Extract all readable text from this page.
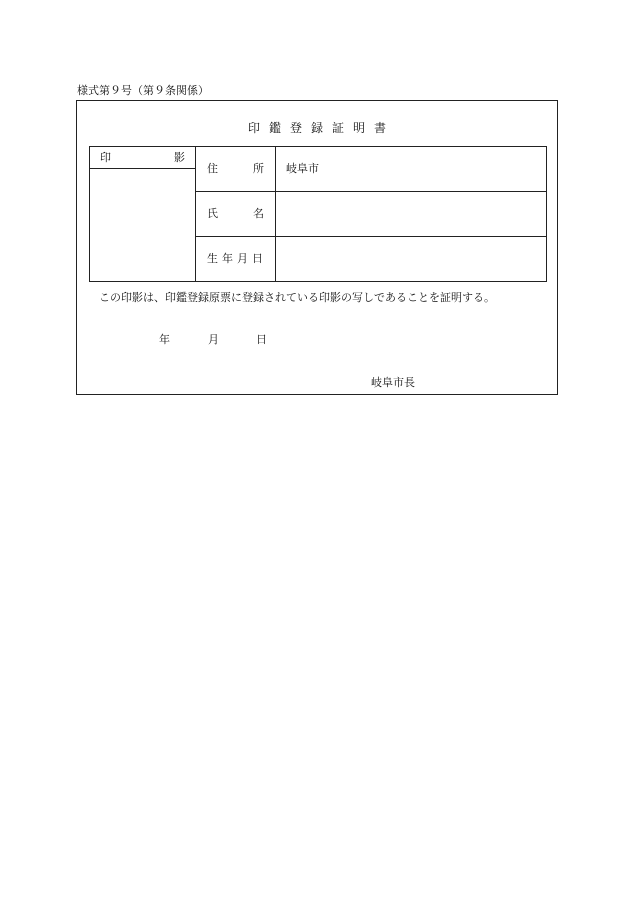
様式第９号（第９条関係）
印鑑登録証明書
印	影
住	所 岐阜市
氏	名
生年月日
この印影は、印鑑登録原票に登録されている印影の写しであることを証明する。
年	月	日
岐阜市長
